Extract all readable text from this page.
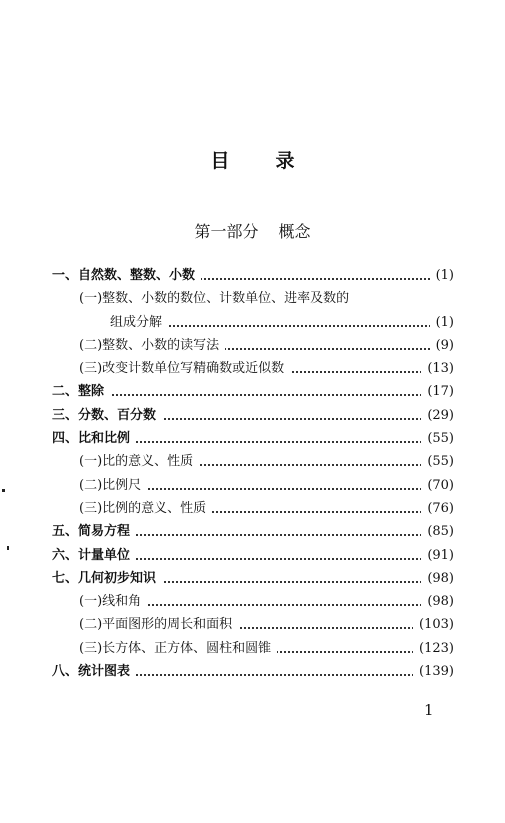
目 录
第一部分 概念
一、自然数、整数、小数	(1)
(一)整数、小数的数位、计数单位、进率及数的
组成分解	(1)
(二)整数、小数的读写法	(9)
(三)改变计数单位写精确数或近似数	(13)
二、整除	(17)
三、分数、百分数	(29)
四、比和比例	(55)
(一)比的意义、性质	(55)
(二)比例尺	(70)
(三)比例的意义、性质	(76)
五、简易方程	(85)
六、计量单位	(91)
七、几何初步知识	(98)
(一)线和角	(98)
(二)平面图形的周长和面积	(103)
(三)长方体、正方体、圆柱和圆锥	(123)
八、统计图表	(139)
1
